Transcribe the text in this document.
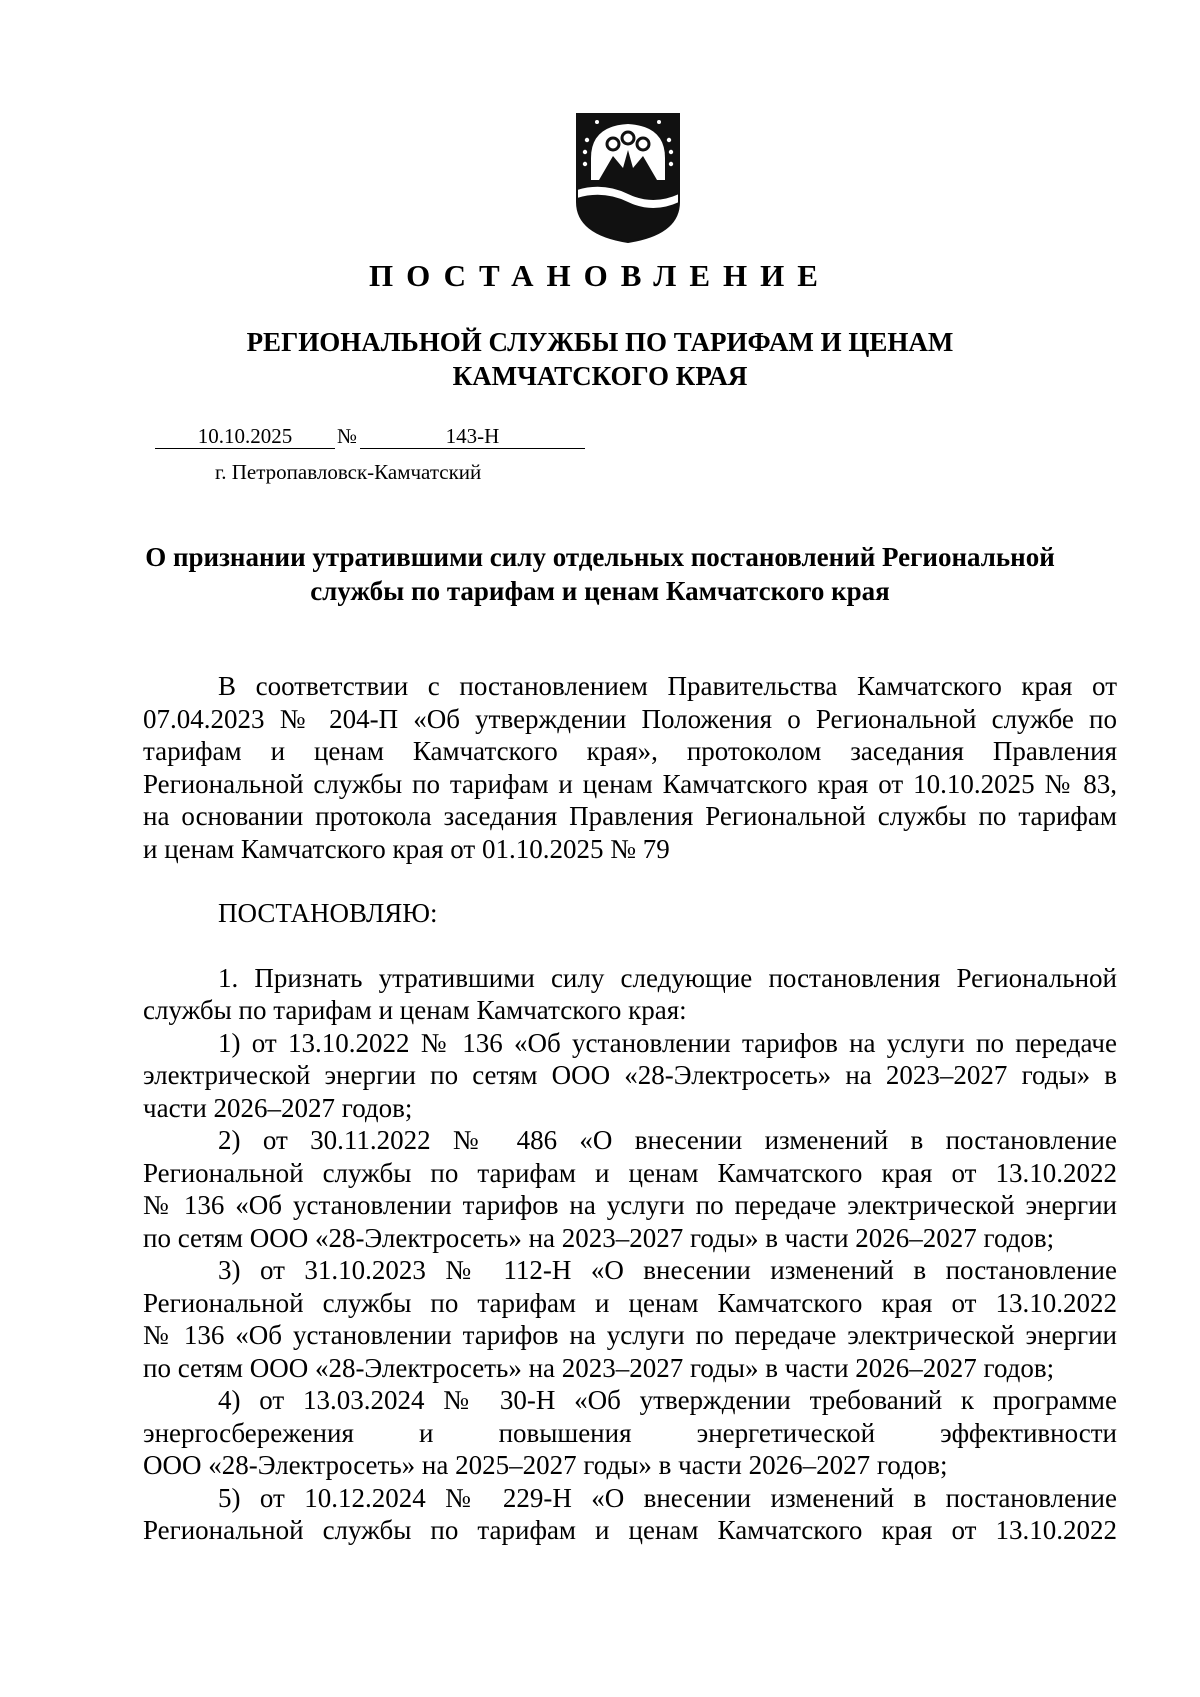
ПОСТАНОВЛЕНИЕ
РЕГИОНАЛЬНОЙ СЛУЖБЫ ПО ТАРИФАМ И ЦЕНАМ
КАМЧАТСКОГО КРАЯ
10.10.2025	№	143-Н
г. Петропавловск-Камчатский
О признании утратившими силу отдельных постановлений Региональной
службы по тарифам и ценам Камчатского края
В соответствии с постановлением Правительства Камчатского края от
07.04.2023 № 204-П «Об утверждении Положения о Региональной службе по
тарифам и ценам Камчатского края», протоколом заседания Правления
Региональной службы по тарифам и ценам Камчатского края от 10.10.2025 № 83,
на основании протокола заседания Правления Региональной службы по тарифам
и ценам Камчатского края от 01.10.2025 № 79
ПОСТАНОВЛЯЮ:
1. Признать утратившими силу следующие постановления Региональной
службы по тарифам и ценам Камчатского края:
1) от 13.10.2022 № 136 «Об установлении тарифов на услуги по передаче
электрической энергии по сетям ООО «28-Электросеть» на 2023–2027 годы» в
части 2026–2027 годов;
2) от 30.11.2022 № 486 «О внесении изменений в постановление
Региональной службы по тарифам и ценам Камчатского края от 13.10.2022
№ 136 «Об установлении тарифов на услуги по передаче электрической энергии
по сетям ООО «28-Электросеть» на 2023–2027 годы» в части 2026–2027 годов;
3) от 31.10.2023 № 112-Н «О внесении изменений в постановление
Региональной службы по тарифам и ценам Камчатского края от 13.10.2022
№ 136 «Об установлении тарифов на услуги по передаче электрической энергии
по сетям ООО «28-Электросеть» на 2023–2027 годы» в части 2026–2027 годов;
4) от 13.03.2024 № 30-Н «Об утверждении требований к программе
энергосбережения и повышения энергетической эффективности
ООО «28-Электросеть» на 2025–2027 годы» в части 2026–2027 годов;
5) от 10.12.2024 № 229-Н «О внесении изменений в постановление
Региональной службы по тарифам и ценам Камчатского края от 13.10.2022
